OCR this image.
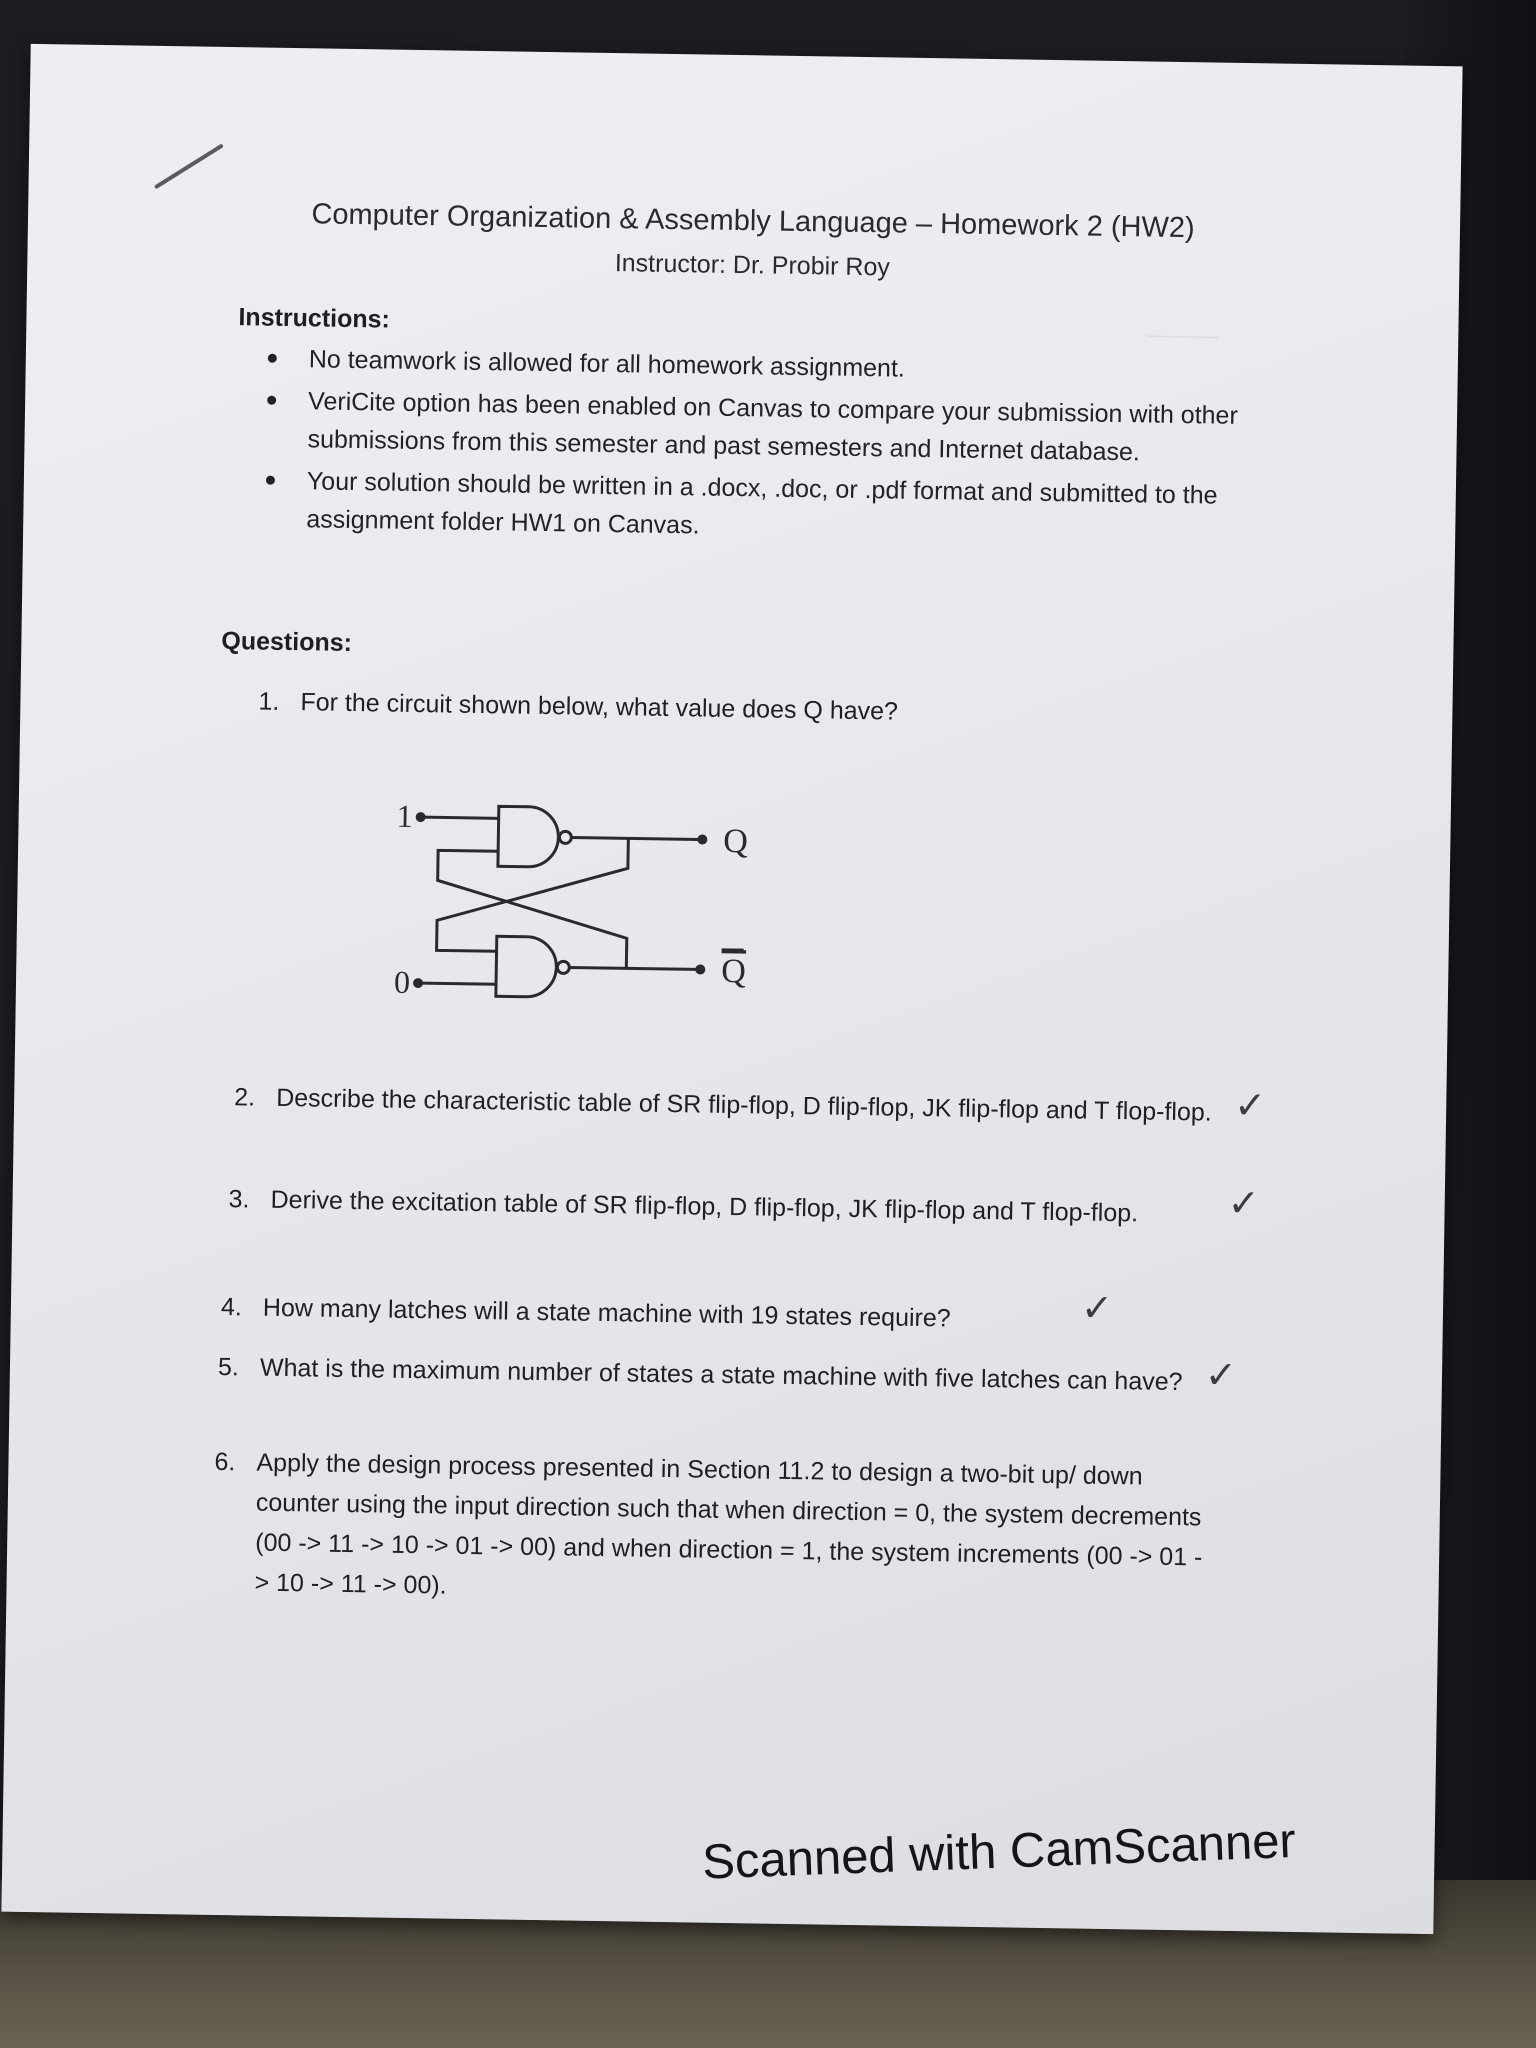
———
Computer Organization & Assembly Language – Homework 2 (HW2)
Instructor: Dr. Probir Roy
Instructions:
No teamwork is allowed for all homework assignment.
VeriCite option has been enabled on Canvas to compare your submission with other submissions from this semester and past semesters and Internet database.
Your solution should be written in a .docx, .doc, or .pdf format and submitted to the assignment folder HW1 on Canvas.
Questions:
1. For the circuit shown below, what value does Q have?
1
0
Q
Q
2. Describe the characteristic table of SR flip-flop, D flip-flop, JK flip-flop and T flop-flop. ✓
3. Derive the excitation table of SR flip-flop, D flip-flop, JK flip-flop and T flop-flop.	✓
4. How many latches will a state machine with 19 states require?	✓
5. What is the maximum number of states a state machine with five latches can have? ✓
6. Apply the design process presented in Section 11.2 to design a two-bit up/ down counter using the input direction such that when direction = 0, the system decrements (00 -> 11 -> 10 -> 01 -> 00) and when direction = 1, the system increments (00 -> 01 -> 10 -> 11 -> 00).
Scanned with CamScanner
